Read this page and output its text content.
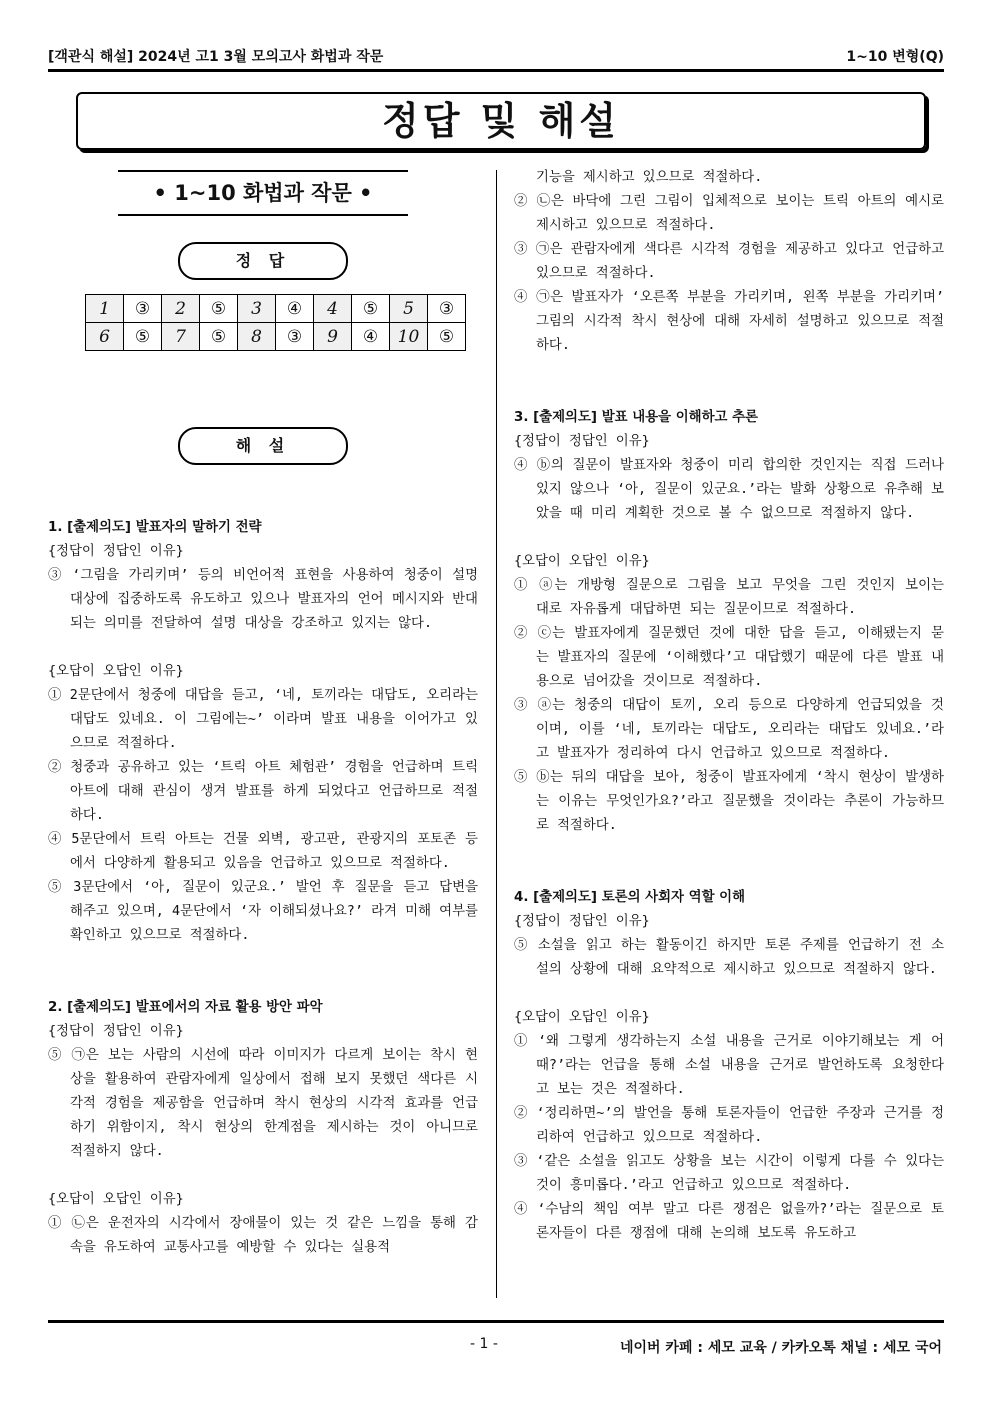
[객관식 해설] 2024년 고1 3월 모의고사 화법과 작문	1~10 변형(Q)
정답 및 해설
• 1~10 화법과 작문 •
정 답
1	③	2	⑤	3	④	4	⑤	5	③
6	⑤	7	⑤	8	③	9	④	10	⑤
해 설

1. [출제의도] 발표자의 말하기 전략

{정답이 정답인 이유}

③ ‘그림을 가리키며’ 등의 비언어적 표현을 사용하여 청중이 설명 대상에 집중하도록 유도하고 있으나 발표자의 언어 메시지와 반대되는 의미를 전달하여 설명 대상을 강조하고 있지는 않다.

{오답이 오답인 이유}

① 2문단에서 청중에 대답을 듣고, ‘네, 토끼라는 대답도, 오리라는 대답도 있네요. 이 그림에는~’ 이라며 발표 내용을 이어가고 있으므로 적절하다.

② 청중과 공유하고 있는 ‘트릭 아트 체험관’ 경험을 언급하며 트릭 아트에 대해 관심이 생겨 발표를 하게 되었다고 언급하므로 적절하다.

④ 5문단에서 트릭 아트는 건물 외벽, 광고판, 관광지의 포토존 등에서 다양하게 활용되고 있음을 언급하고 있으므로 적절하다.

⑤ 3문단에서 ‘아, 질문이 있군요.’ 발언 후 질문을 듣고 답변을 해주고 있으며, 4문단에서 ‘자 이해되셨나요?’ 라겨 미해 여부를 확인하고 있으므로 적절하다.

2. [출제의도] 발표에서의 자료 활용 방안 파악

{정답이 정답인 이유}

⑤ ㉠은 보는 사람의 시선에 따라 이미지가 다르게 보이는 착시 현상을 활용하여 관람자에게 일상에서 접해 보지 못했던 색다른 시각적 경험을 제공함을 언급하며 착시 현상의 시각적 효과를 언급하기 위함이지, 착시 현상의 한계점을 제시하는 것이 아니므로 적절하지 않다.

{오답이 오답인 이유}

① ㉡은 운전자의 시각에서 장애물이 있는 것 같은 느낌을 통해 감속을 유도하여 교통사고를 예방할 수 있다는 실용적

기능을 제시하고 있으므로 적절하다.

② ㉡은 바닥에 그린 그림이 입체적으로 보이는 트릭 아트의 예시로 제시하고 있으므로 적절하다.

③ ㉠은 관람자에게 색다른 시각적 경험을 제공하고 있다고 언급하고 있으므로 적절하다.

④ ㉠은 발표자가 ‘오른쪽 부분을 가리키며, 왼쪽 부분을 가리키며’ 그림의 시각적 착시 현상에 대해 자세히 설명하고 있으므로 적절하다.

3. [출제의도] 발표 내용을 이해하고 추론

{정답이 정답인 이유}

④ ⓑ의 질문이 발표자와 청중이 미리 합의한 것인지는 직접 드러나 있지 않으나 ‘아, 질문이 있군요.’라는 발화 상황으로 유추해 보았을 때 미리 계획한 것으로 볼 수 없으므로 적절하지 않다.

{오답이 오답인 이유}

① ⓐ는 개방형 질문으로 그림을 보고 무엇을 그린 것인지 보이는 대로 자유롭게 대답하면 되는 질문이므로 적절하다.

② ⓒ는 발표자에게 질문했던 것에 대한 답을 듣고, 이해됐는지 묻는 발표자의 질문에 ‘이해했다’고 대답했기 때문에 다른 발표 내용으로 넘어갔을 것이므로 적절하다.

③ ⓐ는 청중의 대답이 토끼, 오리 등으로 다양하게 언급되었을 것이며, 이를 ‘네, 토끼라는 대답도, 오리라는 대답도 있네요.’라고 발표자가 정리하여 다시 언급하고 있으므로 적절하다.

⑤ ⓑ는 뒤의 대답을 보아, 청중이 발표자에게 ‘착시 현상이 발생하는 이유는 무엇인가요?’라고 질문했을 것이라는 추론이 가능하므로 적절하다.

4. [출제의도] 토론의 사회자 역할 이해

{정답이 정답인 이유}

⑤ 소설을 읽고 하는 활동이긴 하지만 토론 주제를 언급하기 전 소설의 상황에 대해 요약적으로 제시하고 있으므로 적절하지 않다.

{오답이 오답인 이유}

① ‘왜 그렇게 생각하는지 소설 내용을 근거로 이야기해보는 게 어때?’라는 언급을 통해 소설 내용을 근거로 발언하도록 요청한다고 보는 것은 적절하다.

② ‘정리하면~’의 발언을 통해 토론자들이 언급한 주장과 근거를 정리하여 언급하고 있으므로 적절하다.

③ ‘같은 소설을 읽고도 상황을 보는 시간이 이렇게 다를 수 있다는 것이 흥미롭다.’라고 언급하고 있으므로 적절하다.

④ ‘수남의 책임 여부 말고 다른 쟁점은 없을까?’라는 질문으로 토론자들이 다른 쟁점에 대해 논의해 보도록 유도하고

- 1 -	네이버 카페 : 세모 교육 / 카카오톡 채널 : 세모 국어
